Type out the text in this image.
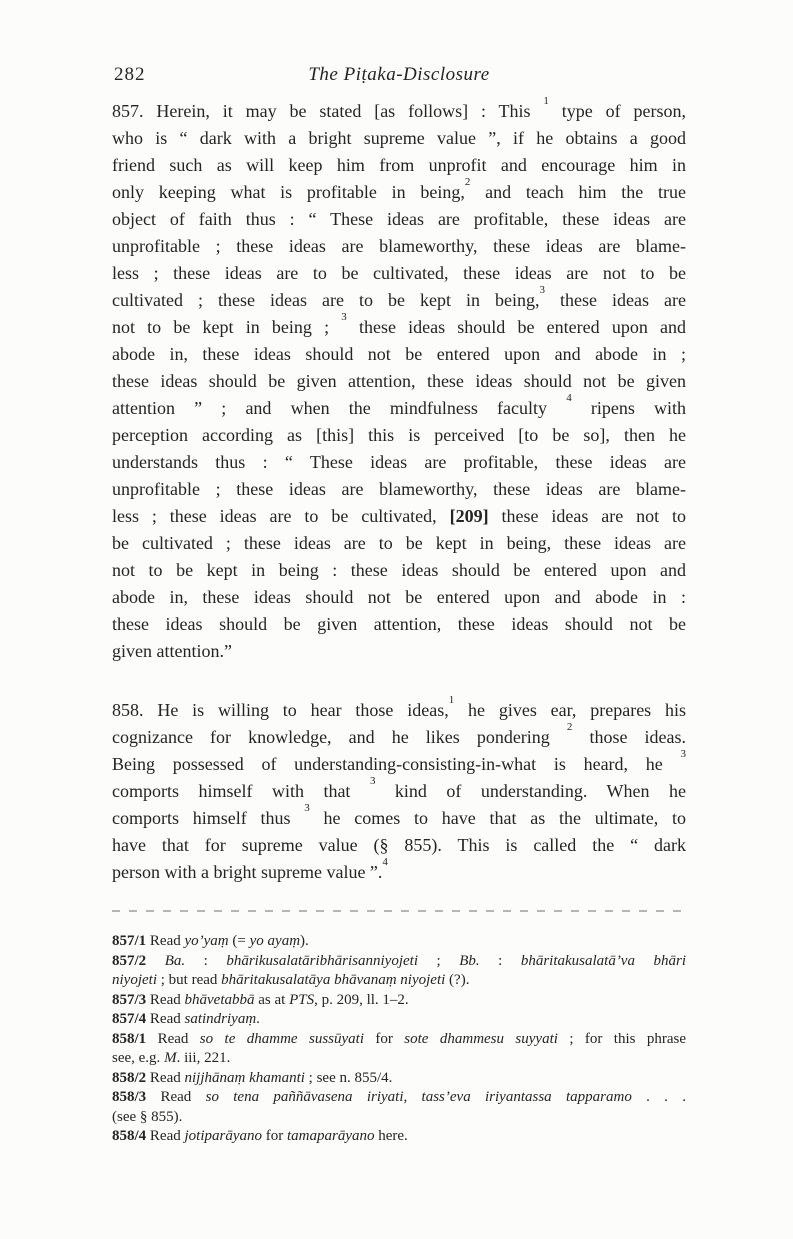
282	The Piṭaka-Disclosure
857. Herein, it may be stated [as follows] : This $^1$ type of person,
who is “ dark with a bright supreme value ”, if he obtains a good
friend such as will keep him from unprofit and encourage him in
only keeping what is profitable in being,$^2$ and teach him the true
object of faith thus : “ These ideas are profitable, these ideas are
unprofitable ; these ideas are blameworthy, these ideas are blame-
less ; these ideas are to be cultivated, these ideas are not to be
cultivated ; these ideas are to be kept in being,$^3$ these ideas are
not to be kept in being ; $^3$ these ideas should be entered upon and
abode in, these ideas should not be entered upon and abode in ;
these ideas should be given attention, these ideas should not be given
attention ” ; and when the mindfulness faculty $^4$ ripens with
perception according as [this] this is perceived [to be so], then he
understands thus : “ These ideas are profitable, these ideas are
unprofitable ; these ideas are blameworthy, these ideas are blame-
less ; these ideas are to be cultivated, [209] these ideas are not to
be cultivated ; these ideas are to be kept in being, these ideas are
not to be kept in being : these ideas should be entered upon and
abode in, these ideas should not be entered upon and abode in :
these ideas should be given attention, these ideas should not be
given attention.”
858. He is willing to hear those ideas,$^1$ he gives ear, prepares his
cognizance for knowledge, and he likes pondering $^2$ those ideas.
Being possessed of understanding-consisting-in-what is heard, he $^3$
comports himself with that $^3$ kind of understanding. When he
comports himself thus $^3$ he comes to have that as the ultimate, to
have that for supreme value (§ 855). This is called the “ dark
person with a bright supreme value ”.$^4$
857/1 Read yo’yaṃ (= yo ayaṃ).
857/2 Ba. : bhārikusalatāribhārisanniyojeti ; Bb. : bhāritakusalatā’va bhāri
niyojeti ; but read bhāritakusalatāya bhāvanaṃ niyojeti (?).
857/3 Read bhāvetabbā as at PTS, p. 209, ll. 1–2.
857/4 Read satindriyaṃ.
858/1 Read so te dhamme sussūyati for sote dhammesu suyyati ; for this phrase
see, e.g. M. iii, 221.
858/2 Read nijjhānaṃ khamanti ; see n. 855/4.
858/3 Read so tena paññāvasena iriyati, tass’eva iriyantassa tapparamo . . .
(see § 855).
858/4 Read jotiparāyano for tamaparāyano here.
